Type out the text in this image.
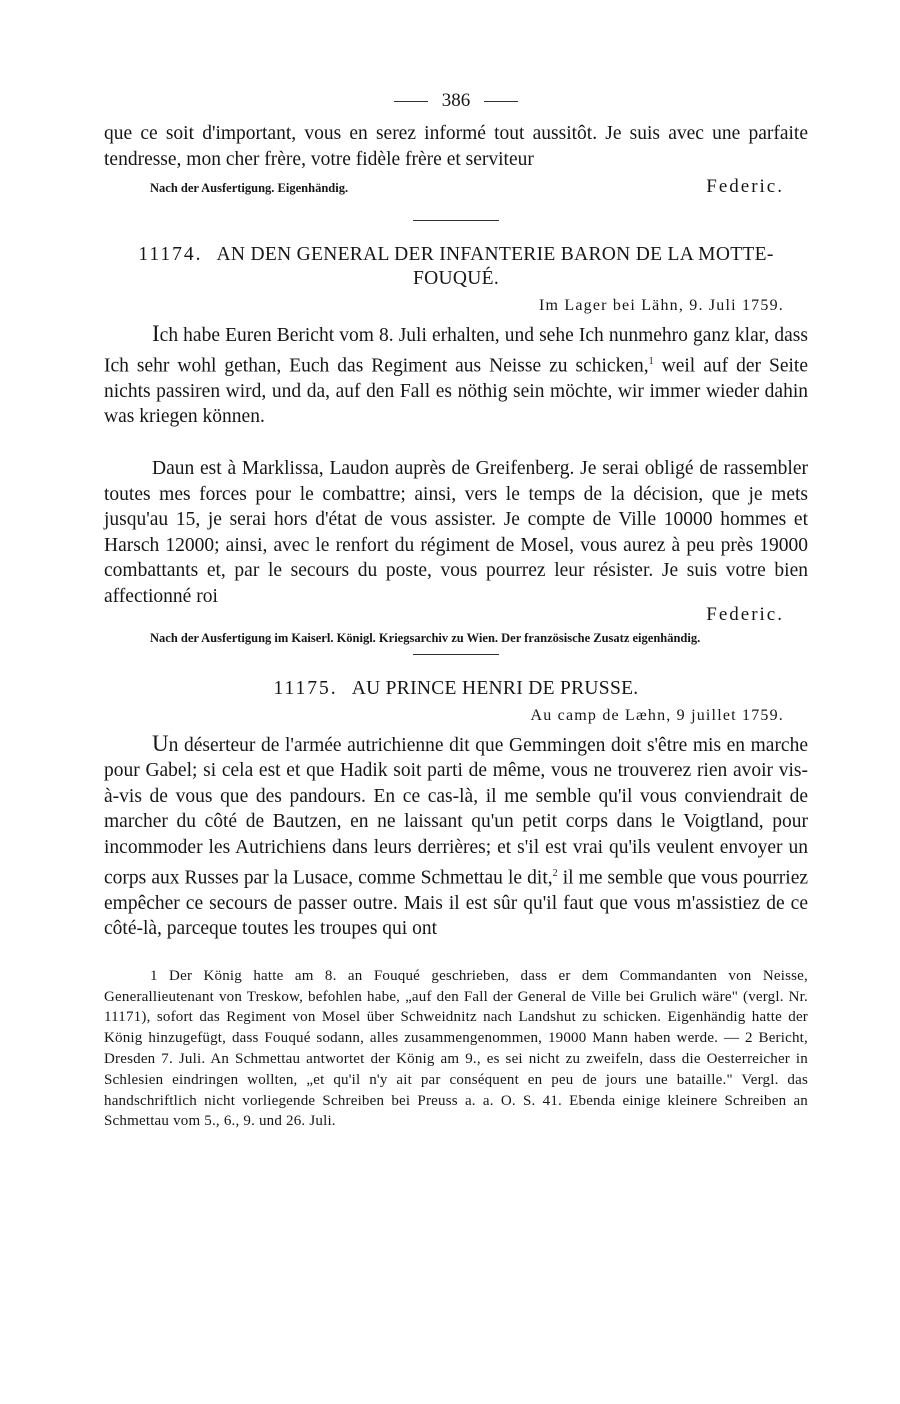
386

que ce soit d'important, vous en serez informé tout aussitôt. Je suis avec une parfaite tendresse, mon cher frère, votre fidèle frère et serviteur

Nach der Ausfertigung. Eigenhändig.	Federic.
11174. AN DEN GENERAL DER INFANTERIE BARON DE LA MOTTE-FOUQUÉ.
Im Lager bei Lähn, 9. Juli 1759.

Ich habe Euren Bericht vom 8. Juli erhalten, und sehe Ich nunmehro ganz klar, dass Ich sehr wohl gethan, Euch das Regiment aus Neisse zu schicken,$^1$ weil auf der Seite nichts passiren wird, und da, auf den Fall es nöthig sein möchte, wir immer wieder dahin was kriegen können.

Daun est à Marklissa, Laudon auprès de Greifenberg. Je serai obligé de rassembler toutes mes forces pour le combattre; ainsi, vers le temps de la décision, que je mets jusqu'au 15, je serai hors d'état de vous assister. Je compte de Ville 10000 hommes et Harsch 12000; ainsi, avec le renfort du régiment de Mosel, vous aurez à peu près 19000 combattants et, par le secours du poste, vous pourrez leur résister. Je suis votre bien affectionné roi

Federic.
Nach der Ausfertigung im Kaiserl. Königl. Kriegsarchiv zu Wien. Der französische Zusatz eigenhändig.
11175. AU PRINCE HENRI DE PRUSSE.
Au camp de Læhn, 9 juillet 1759.

Un déserteur de l'armée autrichienne dit que Gemmingen doit s'être mis en marche pour Gabel; si cela est et que Hadik soit parti de même, vous ne trouverez rien avoir vis-à-vis de vous que des pandours. En ce cas-là, il me semble qu'il vous conviendrait de marcher du côté de Bautzen, en ne laissant qu'un petit corps dans le Voigtland, pour incommoder les Autrichiens dans leurs derrières; et s'il est vrai qu'ils veulent envoyer un corps aux Russes par la Lusace, comme Schmettau le dit,$^2$ il me semble que vous pourriez empêcher ce secours de passer outre. Mais il est sûr qu'il faut que vous m'assistiez de ce côté-là, parceque toutes les troupes qui ont

1 Der König hatte am 8. an Fouqué geschrieben, dass er dem Commandanten von Neisse, Generallieutenant von Treskow, befohlen habe, „auf den Fall der General de Ville bei Grulich wäre" (vergl. Nr. 11171), sofort das Regiment von Mosel über Schweidnitz nach Landshut zu schicken. Eigenhändig hatte der König hinzugefügt, dass Fouqué sodann, alles zusammengenommen, 19000 Mann haben werde. — 2 Bericht, Dresden 7. Juli. An Schmettau antwortet der König am 9., es sei nicht zu zweifeln, dass die Oesterreicher in Schlesien eindringen wollten, „et qu'il n'y ait par conséquent en peu de jours une bataille." Vergl. das handschriftlich nicht vorliegende Schreiben bei Preuss a. a. O. S. 41. Ebenda einige kleinere Schreiben an Schmettau vom 5., 6., 9. und 26. Juli.
